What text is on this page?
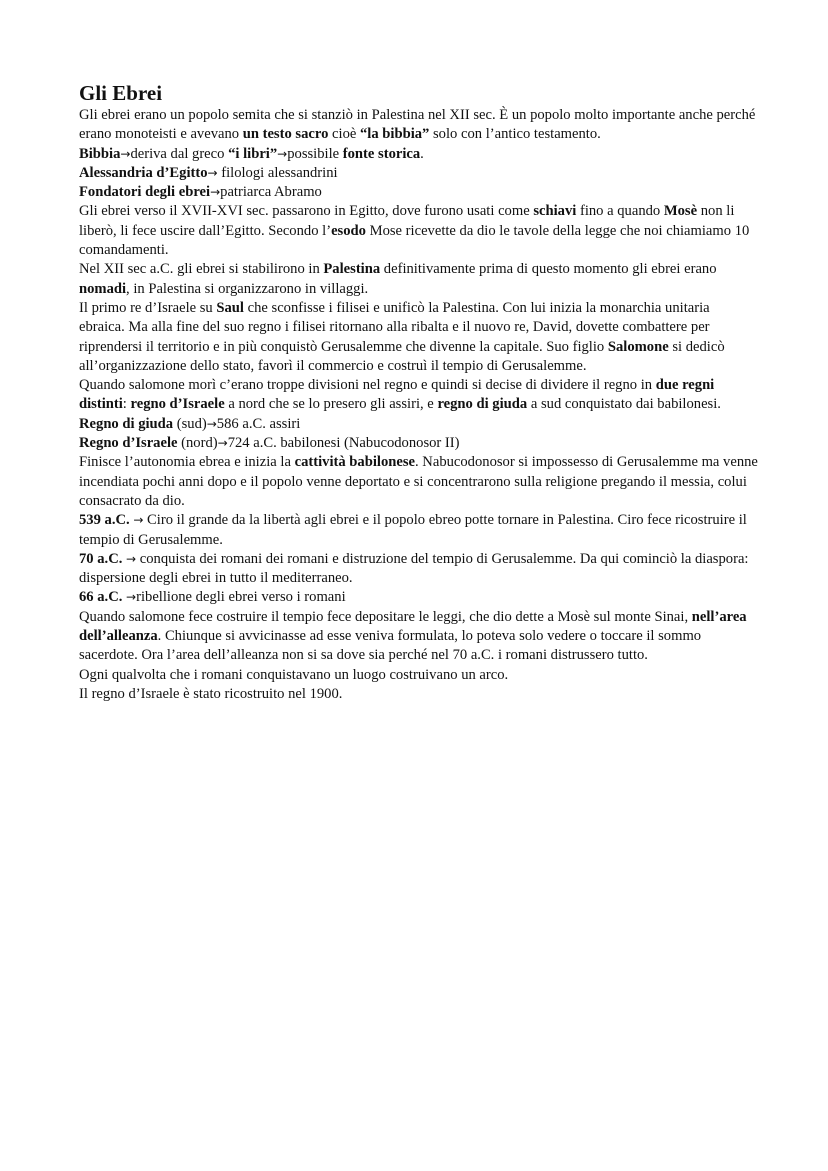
Gli Ebrei

Gli ebrei erano un popolo semita che si stanziò in Palestina nel XII sec. È un popolo molto importante anche perché erano monoteisti e avevano un testo sacro cioè “la bibbia” solo con l’antico testamento.

Bibbia→deriva dal greco “i libri”→possibile fonte storica.

Alessandria d’Egitto→ filologi alessandrini

Fondatori degli ebrei→patriarca Abramo

Gli ebrei verso il XVII-XVI sec. passarono in Egitto, dove furono usati come schiavi fino a quando Mosè non li liberò, li fece uscire dall’Egitto. Secondo l’esodo Mose ricevette da dio le tavole della legge che noi chiamiamo 10 comandamenti.

Nel XII sec a.C. gli ebrei si stabilirono in Palestina definitivamente prima di questo momento gli ebrei erano nomadi, in Palestina si organizzarono in villaggi.

Il primo re d’Israele su Saul che sconfisse i filisei e unificò la Palestina. Con lui inizia la monarchia unitaria ebraica. Ma alla fine del suo regno i filisei ritornano alla ribalta e il nuovo re, David, dovette combattere per riprendersi il territorio e in più conquistò Gerusalemme che divenne la capitale. Suo figlio Salomone si dedicò all’organizzazione dello stato, favorì il commercio e costruì il tempio di Gerusalemme.

Quando salomone morì c’erano troppe divisioni nel regno e quindi si decise di dividere il regno in due regni distinti: regno d’Israele a nord che se lo presero gli assiri, e regno di giuda a sud conquistato dai babilonesi.

Regno di giuda (sud)→586 a.C. assiri

Regno d’Israele (nord)→724 a.C. babilonesi (Nabucodonosor II)

Finisce l’autonomia ebrea e inizia la cattività babilonese. Nabucodonosor si impossesso di Gerusalemme ma venne incendiata pochi anni dopo e il popolo venne deportato e si concentrarono sulla religione pregando il messia, colui consacrato da dio.

539 a.C. → Ciro il grande da la libertà agli ebrei e il popolo ebreo potte tornare in Palestina. Ciro fece ricostruire il tempio di Gerusalemme.

70 a.C. → conquista dei romani dei romani e distruzione del tempio di Gerusalemme. Da qui cominciò la diaspora: dispersione degli ebrei in tutto il mediterraneo.

66 a.C. →ribellione degli ebrei verso i romani

Quando salomone fece costruire il tempio fece depositare le leggi, che dio dette a Mosè sul monte Sinai, nell’area dell’alleanza. Chiunque si avvicinasse ad esse veniva formulata, lo poteva solo vedere o toccare il sommo sacerdote. Ora l’area dell’alleanza non si sa dove sia perché nel 70 a.C. i romani distrussero tutto.

Ogni qualvolta che i romani conquistavano un luogo costruivano un arco.

Il regno d’Israele è stato ricostruito nel 1900.
